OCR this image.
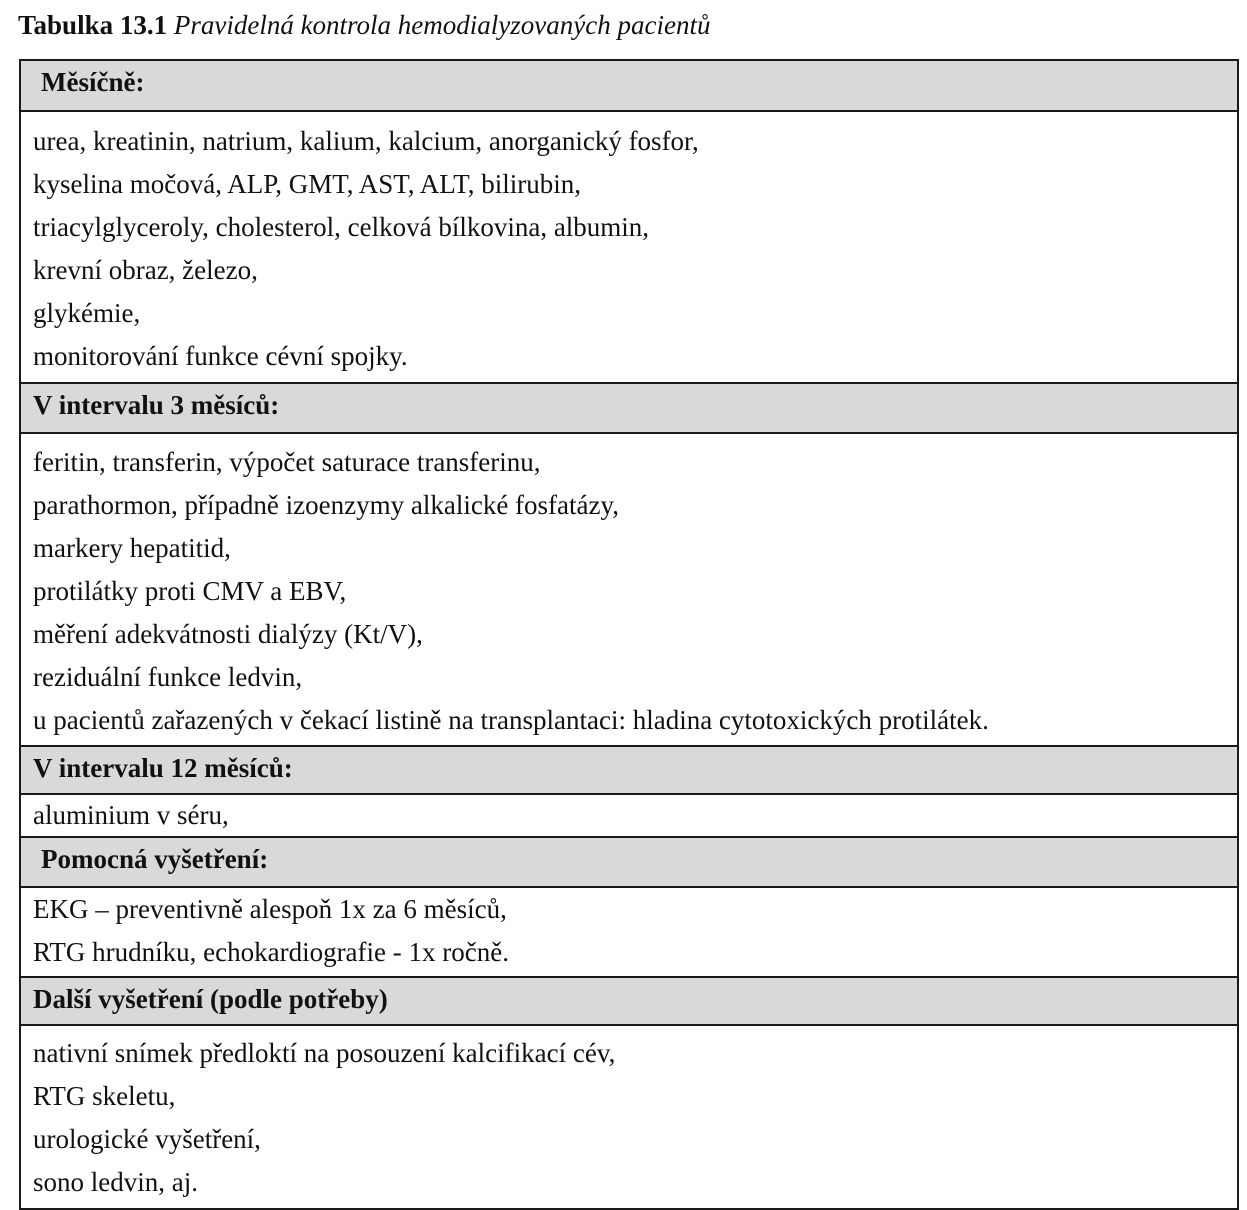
Tabulka 13.1 Pravidelná kontrola hemodialyzovaných pacientů
Měsíčně:
urea, kreatinin, natrium, kalium, kalcium, anorganický fosfor,
kyselina močová, ALP, GMT, AST, ALT, bilirubin,
triacylglyceroly, cholesterol, celková bílkovina, albumin,
krevní obraz, železo,
glykémie,
monitorování funkce cévní spojky.
V intervalu 3 měsíců:
feritin, transferin, výpočet saturace transferinu,
parathormon, případně izoenzymy alkalické fosfatázy,
markery hepatitid,
protilátky proti CMV a EBV,
měření adekvátnosti dialýzy (Kt/V),
reziduální funkce ledvin,
u pacientů zařazených v čekací listině na transplantaci: hladina cytotoxických protilátek.
V intervalu 12 měsíců:
aluminium v séru,
Pomocná vyšetření:
EKG – preventivně alespoň 1x za 6 měsíců,
RTG hrudníku, echokardiografie - 1x ročně.
Další vyšetření (podle potřeby)
nativní snímek předloktí na posouzení kalcifikací cév,
RTG skeletu,
urologické vyšetření,
sono ledvin, aj.
